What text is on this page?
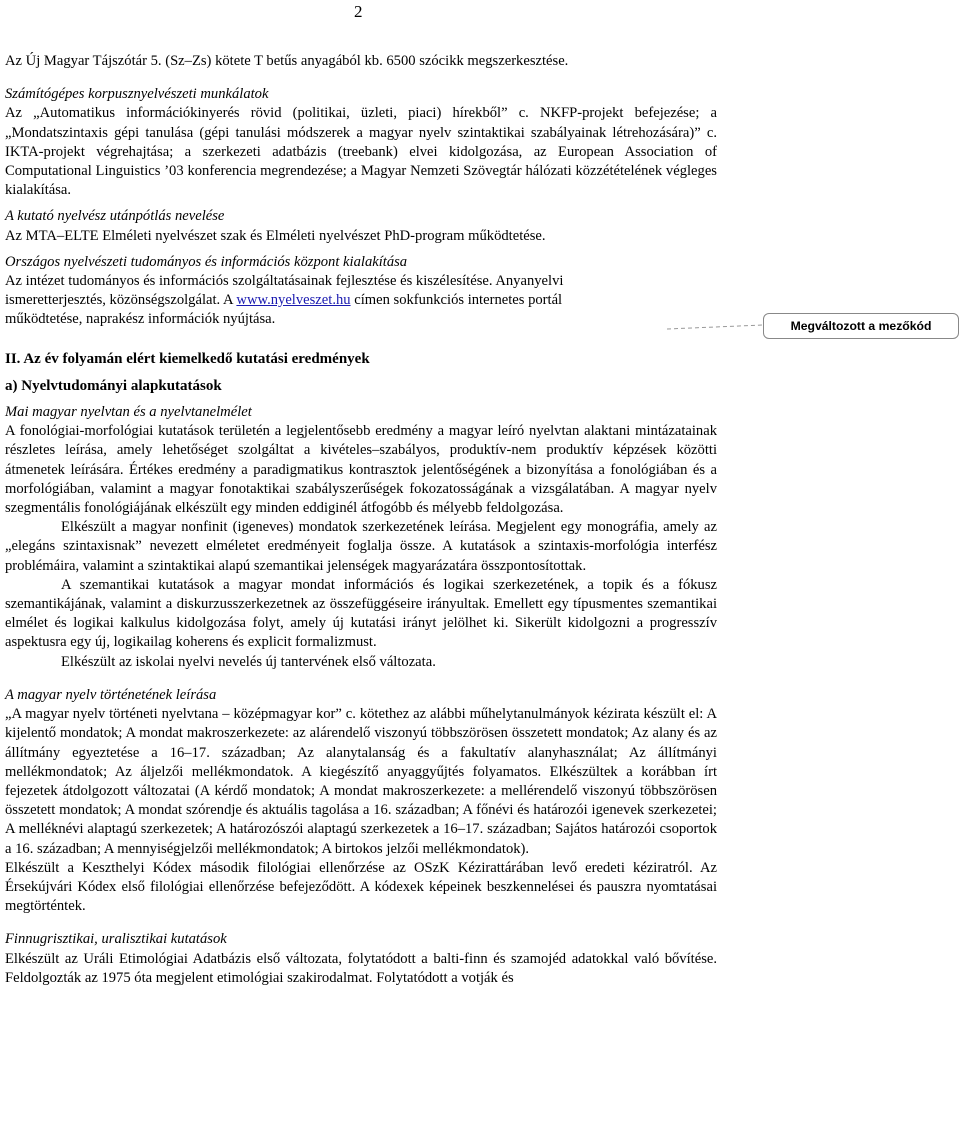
2
Megváltozott a mezőkód

Az Új Magyar Tájszótár 5. (Sz–Zs) kötete T betűs anyagából kb. 6500 szócikk megszerkesztése.

Számítógépes korpusznyelvészeti munkálatok

Az „Automatikus információkinyerés rövid (politikai, üzleti, piaci) hírekből” c. NKFP-projekt befejezése; a „Mondatszintaxis gépi tanulása (gépi tanulási módszerek a magyar nyelv szintaktikai szabályainak létrehozására)” c. IKTA-projekt végrehajtása; a szerkezeti adatbázis (treebank) elvei kidolgozása, az European Association of Computational Linguistics ’03 konferencia megrendezése; a Magyar Nemzeti Szövegtár hálózati közzétételének végleges kialakítása.

A kutató nyelvész utánpótlás nevelése

Az MTA–ELTE Elméleti nyelvészet szak és Elméleti nyelvészet PhD-program működtetése.

Országos nyelvészeti tudományos és információs központ kialakítása

Az intézet tudományos és információs szolgáltatásainak fejlesztése és kiszélesítése. Anyanyelvi

ismeretterjesztés, közönségszolgálat. A www.nyelveszet.hu címen sokfunkciós internetes portál

működtetése, naprakész információk nyújtása.

II. Az év folyamán elért kiemelkedő kutatási eredmények

a) Nyelvtudományi alapkutatások

Mai magyar nyelvtan és a nyelvtanelmélet

A fonológiai-morfológiai kutatások területén a legjelentősebb eredmény a magyar leíró nyelvtan alaktani mintázatainak részletes leírása, amely lehetőséget szolgáltat a kivételes–szabályos, produktív-nem produktív képzések közötti átmenetek leírására. Értékes eredmény a paradigmatikus kontrasztok jelentőségének a bizonyítása a fonológiában és a morfológiában, valamint a magyar fonotaktikai szabályszerűségek fokozatosságának a vizsgálatában. A magyar nyelv szegmentális fonológiájának elkészült egy minden eddiginél átfogóbb és mélyebb feldolgozása.

Elkészült a magyar nonfinit (igeneves) mondatok szerkezetének leírása. Megjelent egy monográfia, amely az „elegáns szintaxisnak” nevezett elméletet eredményeit foglalja össze. A kutatások a szintaxis-morfológia interfész problémáira, valamint a szintaktikai alapú szemantikai jelenségek magyarázatára összpontosítottak.

A szemantikai kutatások a magyar mondat információs és logikai szerkezetének, a topik és a fókusz szemantikájának, valamint a diskurzusszerkezetnek az összefüggéseire irányultak. Emellett egy típusmentes szemantikai elmélet és logikai kalkulus kidolgozása folyt, amely új kutatási irányt jelölhet ki. Sikerült kidolgozni a progresszív aspektusra egy új, logikailag koherens és explicit formalizmust.

Elkészült az iskolai nyelvi nevelés új tantervének első változata.

A magyar nyelv történetének leírása

„A magyar nyelv történeti nyelvtana – középmagyar kor” c. kötethez az alábbi műhelytanulmányok kézirata készült el: A kijelentő mondatok; A mondat makroszerkezete: az alárendelő viszonyú többszörösen összetett mondatok; Az alany és az állítmány egyeztetése a 16–17. században; Az alanytalanság és a fakultatív alanyhasználat; Az állítmányi mellékmondatok; Az áljelzői mellékmondatok. A kiegészítő anyaggyűjtés folyamatos. Elkészültek a korábban írt fejezetek átdolgozott változatai (A kérdő mondatok; A mondat makroszerkezete: a mellérendelő viszonyú többszörösen összetett mondatok; A mondat szórendje és aktuális tagolása a 16. században; A főnévi és határozói igenevek szerkezetei; A melléknévi alaptagú szerkezetek; A határozószói alaptagú szerkezetek a 16–17. században; Sajátos határozói csoportok a 16. században; A mennyiségjelzői mellékmondatok; A birtokos jelzői mellékmondatok).

Elkészült a Keszthelyi Kódex második filológiai ellenőrzése az OSzK Kézirattárában levő eredeti kéziratról. Az Érsekújvári Kódex első filológiai ellenőrzése befejeződött. A kódexek képeinek beszkennelései és pauszra nyomtatásai megtörténtek.

Finnugrisztikai, uralisztikai kutatások

Elkészült az Uráli Etimológiai Adatbázis első változata, folytatódott a balti-finn és szamojéd adatokkal való bővítése. Feldolgozták az 1975 óta megjelent etimológiai szakirodalmat. Folytatódott a votják és
